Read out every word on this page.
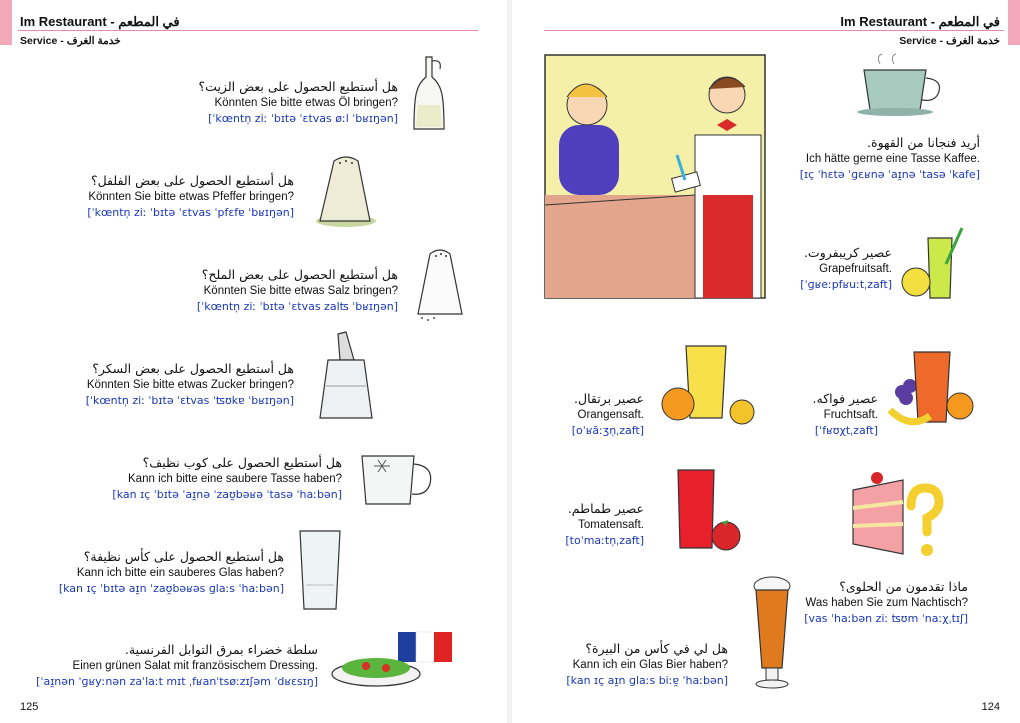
Im Restaurant - في المطعم
Service - خدمة الغرف
هل أستطيع الحصول على بعض الزيت؟
Könnten Sie bitte etwas Öl bringen?
[ˈkœntn̩ ziː ˈbɪtə ˈɛtvas øːl ˈbʁɪŋən]
هل أستطيع الحصول على بعض الفلفل؟
Könnten Sie bitte etwas Pfeffer bringen?
[ˈkœntn̩ ziː ˈbɪtə ˈɛtvas ˈpfɛfɐ ˈbʁɪŋən]
هل أستطيع الحصول على بعض الملح؟
Könnten Sie bitte etwas Salz bringen?
[ˈkœntn̩ ziː ˈbɪtə ˈɛtvas zalʦ ˈbʁɪŋən]
هل أستطيع الحصول على بعض السكر؟
Könnten Sie bitte etwas Zucker bringen?
[ˈkœntn̩ ziː ˈbɪtə ˈɛtvas ˈʦʊkɐ ˈbʁɪŋən]
هل أستطيع الحصول على كوب نظيف؟
Kann ich bitte eine saubere Tasse haben?
[kan ɪç ˈbɪtə ˈaɪ̯nə ˈzaʊ̯bəʁə ˈtasə ˈhaːbən]
هل أستطيع الحصول على كأس نظيفة؟
Kann ich bitte ein sauberes Glas haben?
[kan ɪç ˈbɪtə aɪ̯n ˈzaʊ̯bəʁəs ɡlaːs ˈhaːbən]
سلطة خضراء بمرق التوابل الفرنسية.
Einen grünen Salat mit französischem Dressing.
[ˈaɪ̯nən ˈɡʁyːnən zaˈlaːt mɪt ˌfʁanˈtsøːzɪʃəm ˈdʁɛsɪŋ]
125
Im Restaurant - في المطعم
Service - خدمة الغرف
أريد فنجانا من القهوة.
Ich hätte gerne eine Tasse Kaffee.
[ɪç ˈhɛtə ˈɡɛʁnə ˈaɪ̯nə ˈtasə ˈkafe]
عصير كريبفروت.
Grapefruitsaft.
[ˈɡʁeːpfʁuːtˌzaft]
عصير برتقال.
Orangensaft.
[oˈʁãːʒn̩ˌzaft]
عصير فواكه.
Fruchtsaft.
[ˈfʁʊχtˌzaft]
عصير طماطم.
Tomatensaft.
[toˈmaːtn̩ˌzaft]
ماذا تقدمون من الحلوى؟
Was haben Sie zum Nachtisch?
[vas ˈhaːbən ziː ʦʊm ˈnaːχˌtɪʃ]
هل لي في كأس من البيرة؟
Kann ich ein Glas Bier haben?
[kan ɪç aɪ̯n ɡlaːs biːɐ̯ ˈhaːbən]
124
